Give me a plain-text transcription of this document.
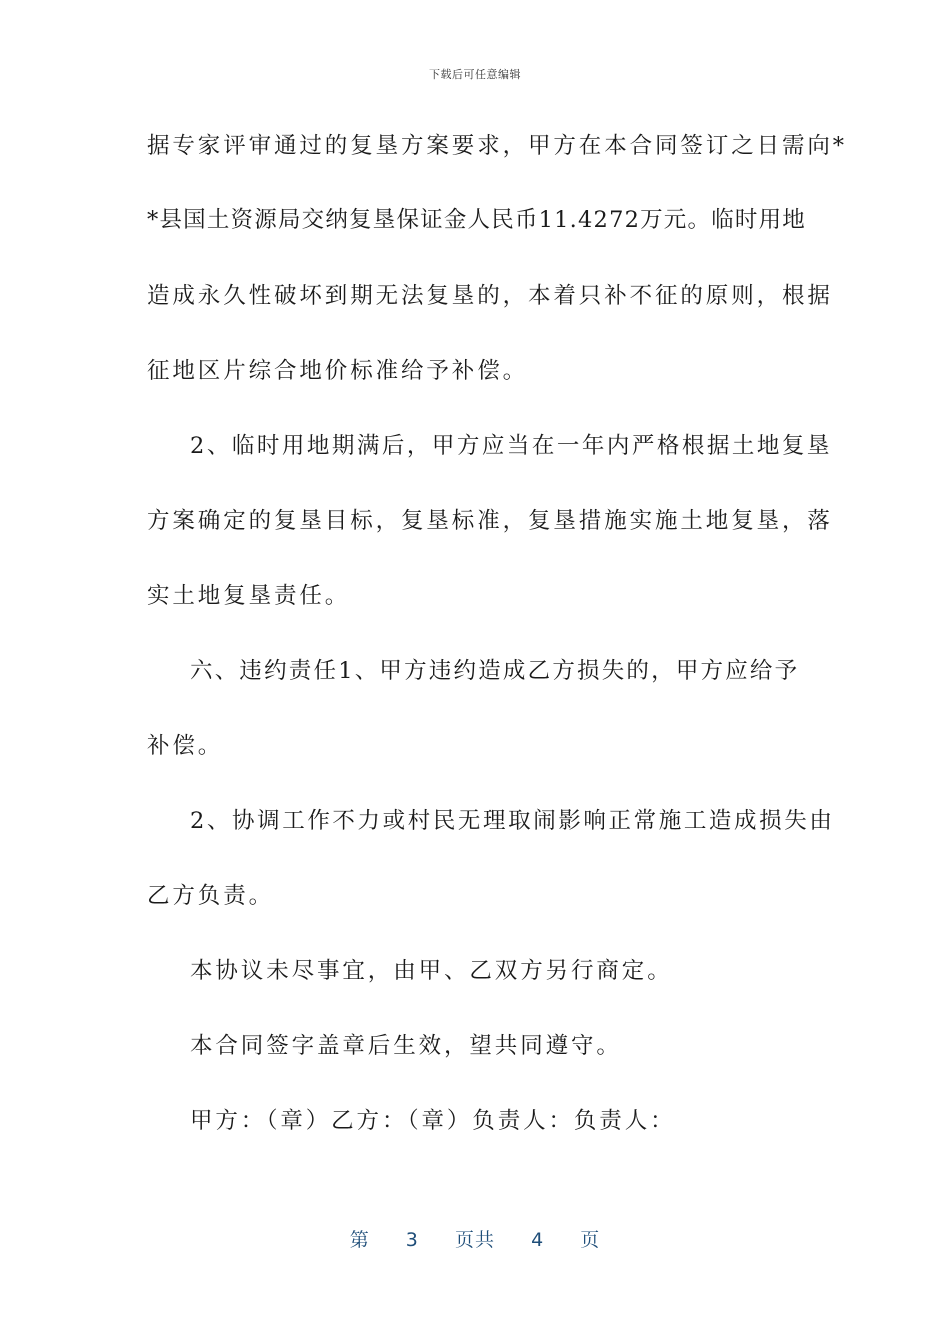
下载后可任意编辑
据专家评审通过的复垦方案要求，甲方在本合同签订之日需向*
*县国土资源局交纳复垦保证金人民币11.4272万元。临时用地
造成永久性破坏到期无法复垦的，本着只补不征的原则，根据
征地区片综合地价标准给予补偿。
2、临时用地期满后，甲方应当在一年内严格根据土地复垦
方案确定的复垦目标，复垦标准，复垦措施实施土地复垦，落
实土地复垦责任。
六、违约责任1、甲方违约造成乙方损失的，甲方应给予
补偿。
2、协调工作不力或村民无理取闹影响正常施工造成损失由
乙方负责。
本协议未尽事宜，由甲、乙双方另行商定。
本合同签字盖章后生效，望共同遵守。
甲方：（章）乙方：（章）负责人：负责人：
第 3 页共 4 页
